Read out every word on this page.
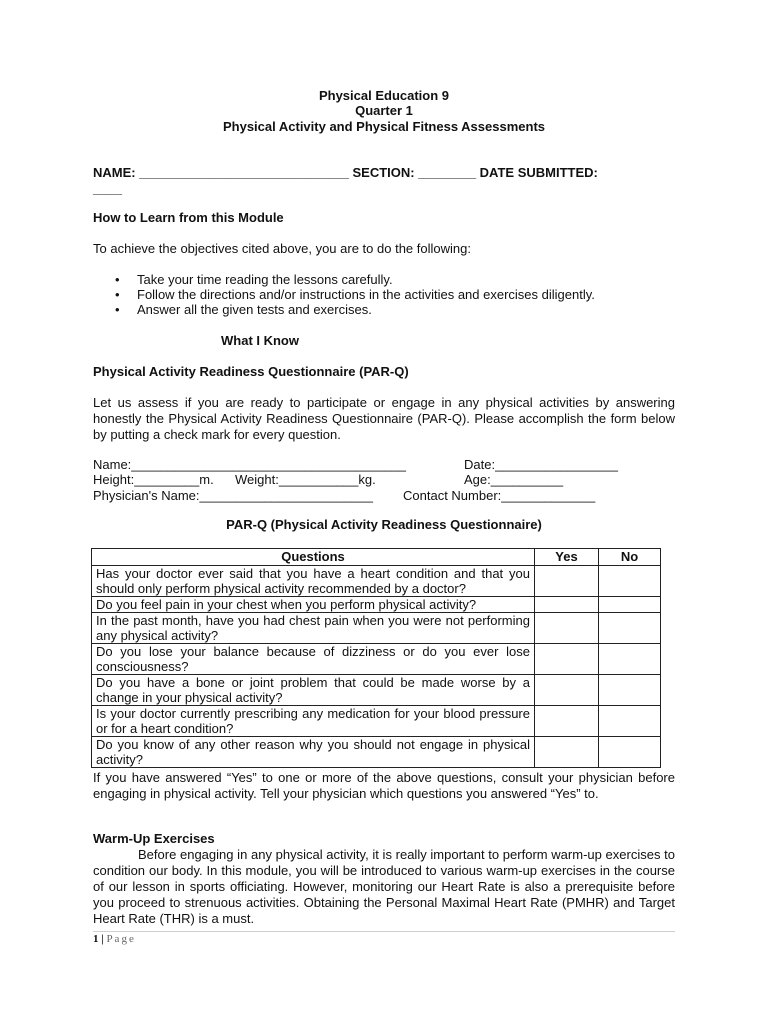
Physical Education 9
Quarter 1
Physical Activity and Physical Fitness Assessments
NAME: _____________________________ SECTION: ________ DATE SUBMITTED:
____
How to Learn from this Module
To achieve the objectives cited above, you are to do the following:
• Take your time reading the lessons carefully.
• Follow the directions and/or instructions in the activities and exercises diligently.
• Answer all the given tests and exercises.
What I Know
Physical Activity Readiness Questionnaire (PAR-Q)
Let us assess if you are ready to participate or engage in any physical activities by answering honestly the Physical Activity Readiness Questionnaire (PAR-Q). Please accomplish the form below by putting a check mark for every question.
Name:______________________________________	Date:_________________
Height:_________m. Weight:___________kg.	Age:__________
Physician's Name:________________________ Contact Number:_____________
PAR-Q (Physical Activity Readiness Questionnaire)
Questions	Yes	No
Has your doctor ever said that you have a heart condition and that you should only perform physical activity recommended by a doctor?		
Do you feel pain in your chest when you perform physical activity?		
In the past month, have you had chest pain when you were not performing any physical activity?		
Do you lose your balance because of dizziness or do you ever lose consciousness?		
Do you have a bone or joint problem that could be made worse by a change in your physical activity?		
Is your doctor currently prescribing any medication for your blood pressure or for a heart condition?		
Do you know of any other reason why you should not engage in physical activity?		
If you have answered “Yes” to one or more of the above questions, consult your physician before engaging in physical activity. Tell your physician which questions you answered “Yes” to.
Warm-Up Exercises
Before engaging in any physical activity, it is really important to perform warm-up exercises to condition our body. In this module, you will be introduced to various warm-up exercises in the course of our lesson in sports officiating. However, monitoring our Heart Rate is also a prerequisite before you proceed to strenuous activities. Obtaining the Personal Maximal Heart Rate (PMHR) and Target Heart Rate (THR) is a must.
1 | Page
